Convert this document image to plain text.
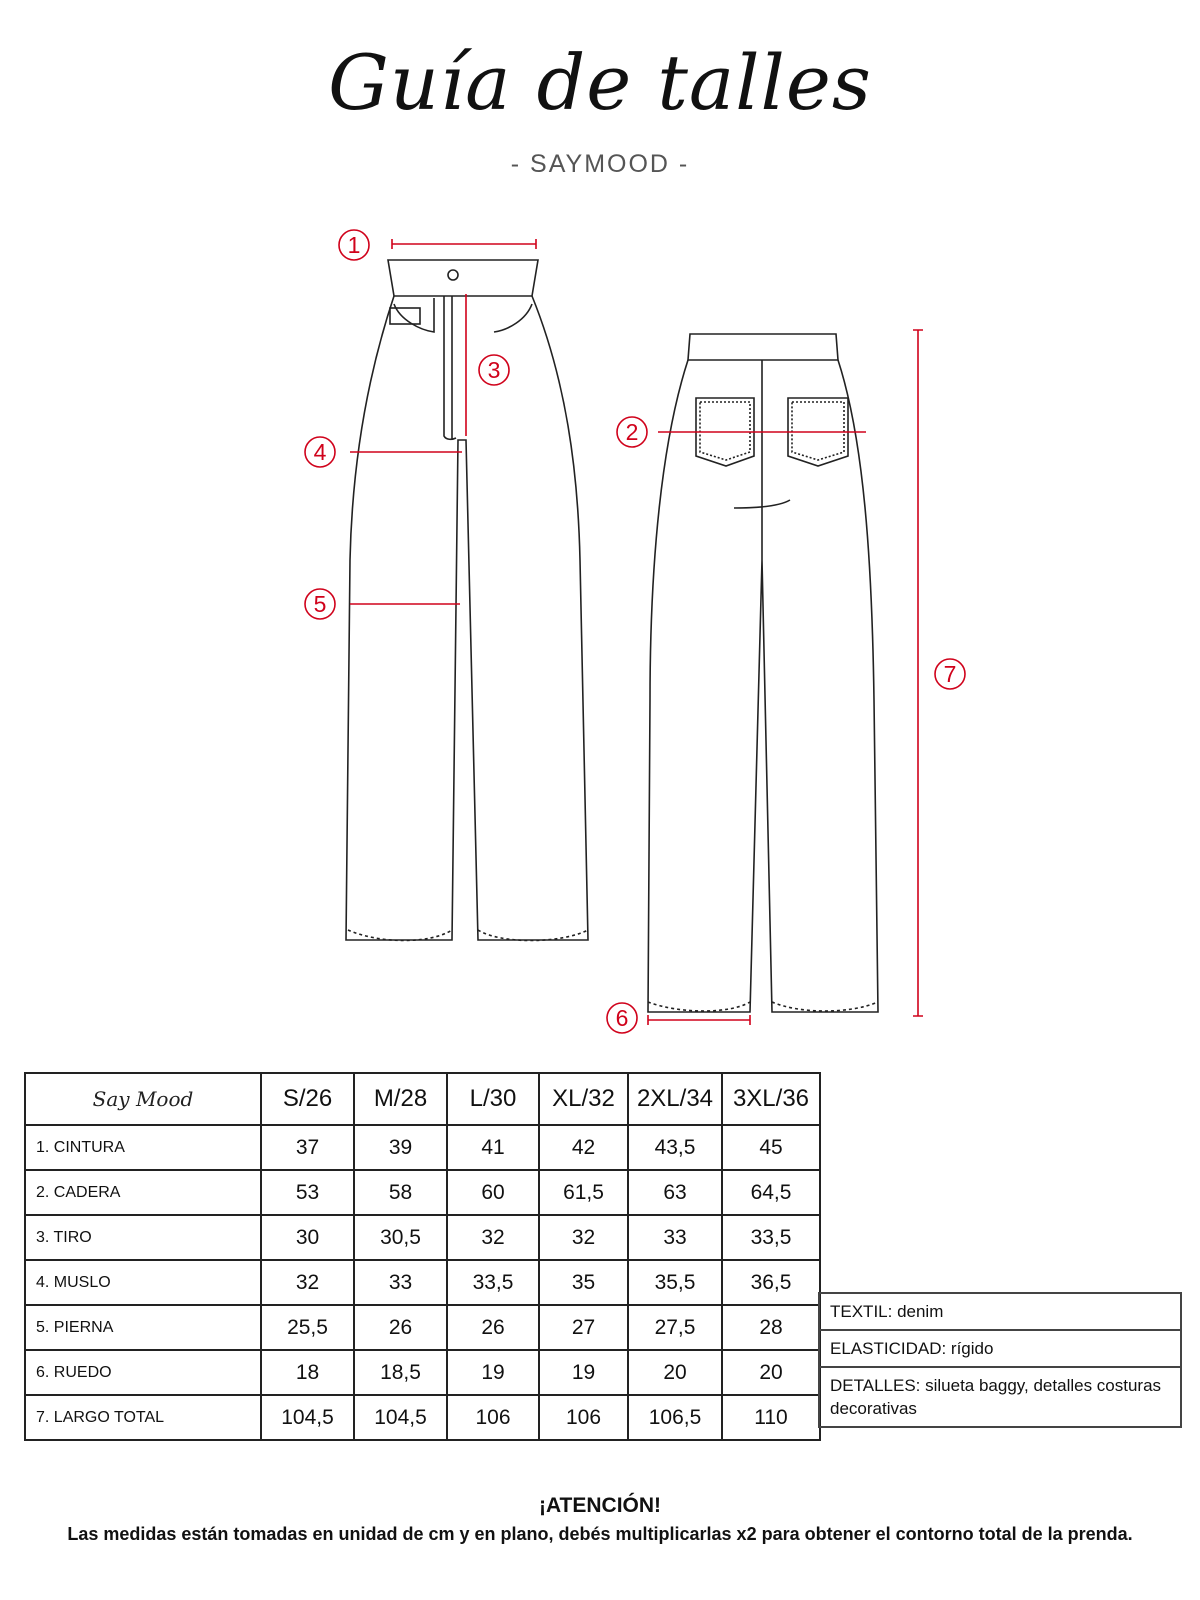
Guía de talles
- SAYMOOD -
1
2
3
4
5
6
7
Say Mood	S/26	M/28	L/30	XL/32	2XL/34	3XL/36
1. CINTURA	37	39	41	42	43,5	45
2. CADERA	53	58	60	61,5	63	64,5
3. TIRO	30	30,5	32	32	33	33,5
4. MUSLO	32	33	33,5	35	35,5	36,5
5. PIERNA	25,5	26	26	27	27,5	28
6. RUEDO	18	18,5	19	19	20	20
7. LARGO TOTAL	104,5	104,5	106	106	106,5	110
TEXTIL: denim
ELASTICIDAD: rígido
DETALLES: silueta baggy, detalles costuras decorativas
¡ATENCIÓN!
Las medidas están tomadas en unidad de cm y en plano, debés multiplicarlas x2 para obtener el contorno total de la prenda.
